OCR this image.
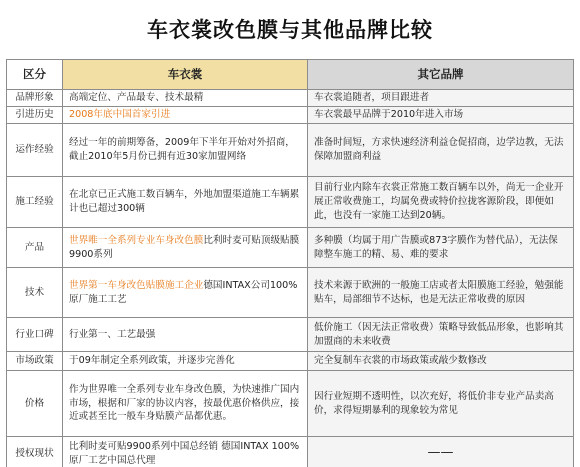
车衣裳改色膜与其他品牌比较
区分	车衣裳	其它品牌
品牌形象	高端定位、产品最专、技术最精	车衣裳追随者，项目跟进者
引进历史	2008年底中国首家引进	车衣裳最早品牌于2010年进入市场
运作经验	经过一年的前期筹备，2009年下半年开始对外招商，截止2010年5月份已拥有近30家加盟网络	准备时间短，方求快速经济利益仓促招商，边学边教，无法保障加盟商利益
施工经验	在北京已正式施工数百辆车，外地加盟渠道施工车辆累计也已超过300辆	目前行业内除车衣裳正常施工数百辆车以外，尚无一企业开展正常收费施工，均属免费或特价拉拢客源阶段，即便如此，也没有一家施工达到20辆。
产品	世界唯一全系列专业车身改色膜比利时麦可贴顶级贴膜9900系列	多种膜（均属于用广告膜或873字膜作为替代品），无法保障整车施工的精、易、难的要求
技术	世界第一车身改色贴膜施工企业德国INTAX公司100%原厂施工工艺	技术来源于欧洲的一般施工店或者太阳膜施工经验，勉强能贴车，局部细节不达标，也是无法正常收费的原因
行业口碑	行业第一、工艺最强	低价施工（因无法正常收费）策略导致低品形象，也影响其加盟商的未来收费
市场政策	于09年制定全系列政策，并逐步完善化	完全复制车衣裳的市场政策或敲少数修改
价格	作为世界唯一全系列专业车身改色膜，为快速推广国内市场，根据和厂家的协议内容，按最优惠价格供应，接近或甚至比一般车身贴膜产品都优惠。	因行业短期不透明性，以次充好，将低价非专业产品卖高价，求得短期暴利的现象较为常见
授权现状	比利时麦可贴9900系列中国总经销 德国INTAX 100%原厂工艺中国总代理	——
